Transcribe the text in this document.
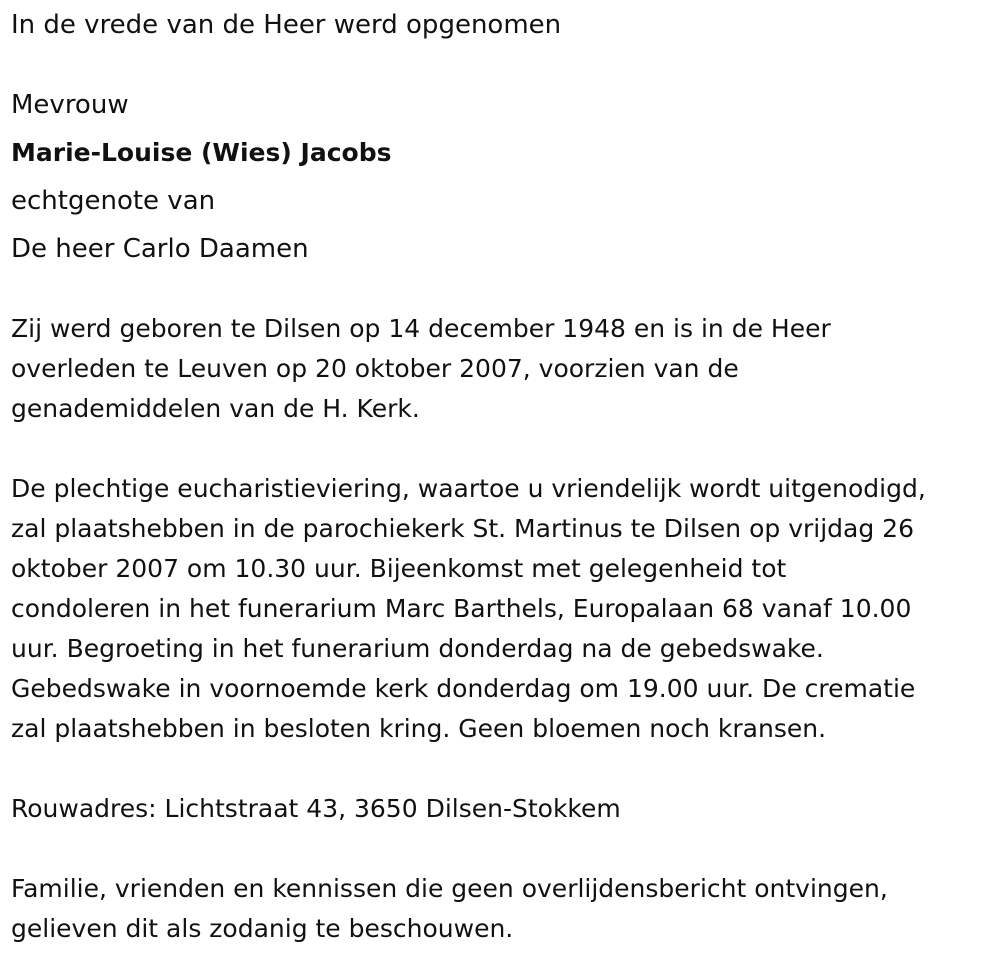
In de vrede van de Heer werd opgenomen

Mevrouw

Marie-Louise (Wies) Jacobs

echtgenote van

De heer Carlo Daamen

Zij werd geboren te Dilsen op 14 december 1948 en is in de Heer

overleden te Leuven op 20 oktober 2007, voorzien van de

genademiddelen van de H. Kerk.

De plechtige eucharistieviering, waartoe u vriendelijk wordt uitgenodigd,

zal plaatshebben in de parochiekerk St. Martinus te Dilsen op vrijdag 26

oktober 2007 om 10.30 uur. Bijeenkomst met gelegenheid tot

condoleren in het funerarium Marc Barthels, Europalaan 68 vanaf 10.00

uur. Begroeting in het funerarium donderdag na de gebedswake.

Gebedswake in voornoemde kerk donderdag om 19.00 uur. De crematie

zal plaatshebben in besloten kring. Geen bloemen noch kransen.

Rouwadres: Lichtstraat 43, 3650 Dilsen-Stokkem

Familie, vrienden en kennissen die geen overlijdensbericht ontvingen,

gelieven dit als zodanig te beschouwen.
